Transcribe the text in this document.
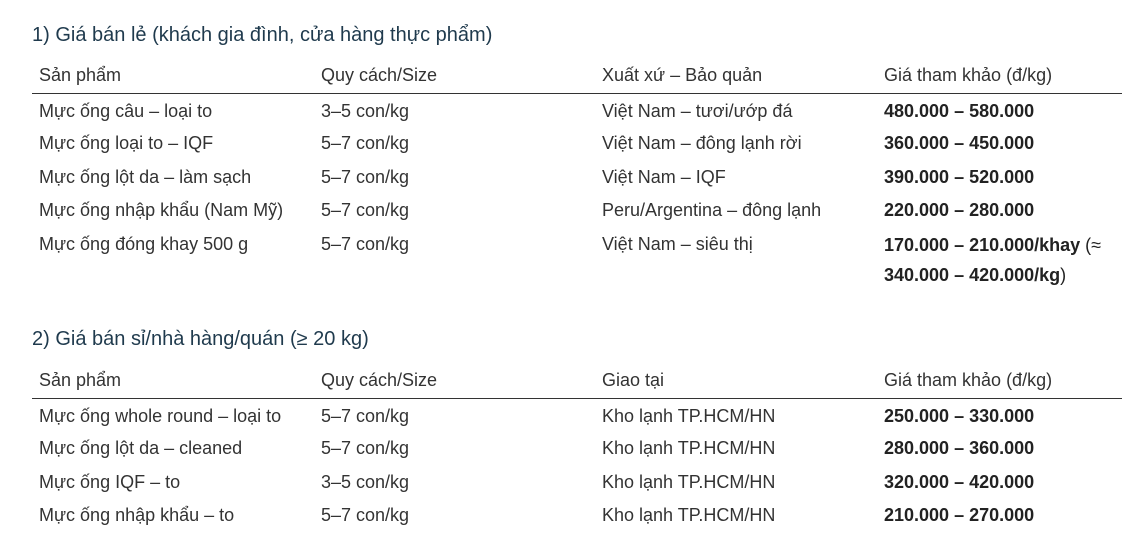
1) Giá bán lẻ (khách gia đình, cửa hàng thực phẩm)
Sản phẩm	Quy cách/Size	Xuất xứ – Bảo quản	Giá tham khảo (đ/kg)
Mực ống câu – loại to	3–5 con/kg	Việt Nam – tươi/ướp đá	480.000 – 580.000
Mực ống loại to – IQF	5–7 con/kg	Việt Nam – đông lạnh rời	360.000 – 450.000
Mực ống lột da – làm sạch	5–7 con/kg	Việt Nam – IQF	390.000 – 520.000
Mực ống nhập khẩu (Nam Mỹ)	5–7 con/kg	Peru/Argentina – đông lạnh	220.000 – 280.000
Mực ống đóng khay 500 g	5–7 con/kg	Việt Nam – siêu thị	170.000 – 210.000/khay (≈ 340.000 – 420.000/kg)
2) Giá bán sỉ/nhà hàng/quán (≥ 20 kg)
Sản phẩm	Quy cách/Size	Giao tại	Giá tham khảo (đ/kg)
Mực ống whole round – loại to	5–7 con/kg	Kho lạnh TP.HCM/HN	250.000 – 330.000
Mực ống lột da – cleaned	5–7 con/kg	Kho lạnh TP.HCM/HN	280.000 – 360.000
Mực ống IQF – to	3–5 con/kg	Kho lạnh TP.HCM/HN	320.000 – 420.000
Mực ống nhập khẩu – to	5–7 con/kg	Kho lạnh TP.HCM/HN	210.000 – 270.000
